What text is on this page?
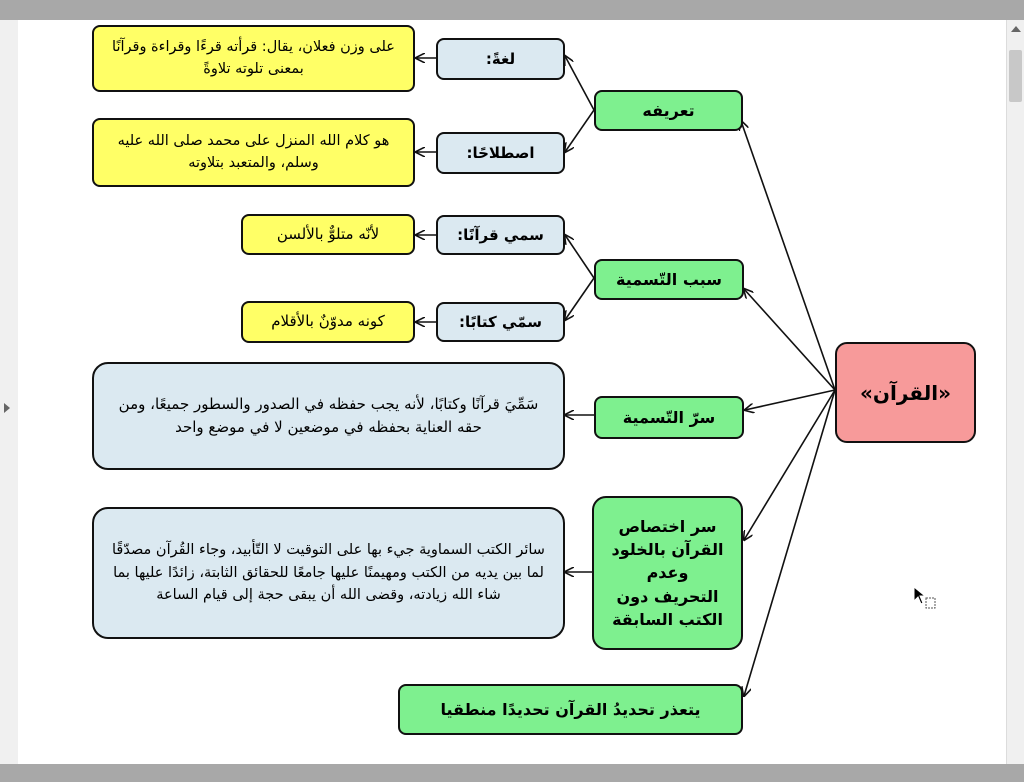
«القرآن»
تعريفه
لغةً:
على وزن فعلان، يقال: قرأته قرءًا وقراءة وقرآنًا بمعنى تلوته تلاوةً
اصطلاحًا:
هو كلام الله المنزل على محمد صلى الله عليه وسلم، والمتعبد بتلاوته
سبب التّسمية
سمي قرآنًا:
لأنّه متلوٌّ بالألسن
سمّي كتابًا:
كونه مدوّنٌ بالأقلام
سرّ التّسمية
سَمِّيَ قرآنًا وكتابًا، لأنه يجب حفظه في الصدور والسطور جميعًا، ومن حقه العناية بحفظه في موضعين لا في موضع واحد
سر اختصاص
القرآن بالخلود
وعدم
التحريف دون
الكتب السابقة
سائر الكتب السماوية جيء بها على التوقيت لا التّأبيد، وجاء القُرآن مصدّقًا لما بين يديه من الكتب ومهيمنًا عليها جامعًا للحقائق الثابتة، زائدًا عليها بما شاء الله زيادته، وقضى الله أن يبقى حجة إلى قيام الساعة
يتعذر تحديدُ القرآن تحديدًا منطقيا
